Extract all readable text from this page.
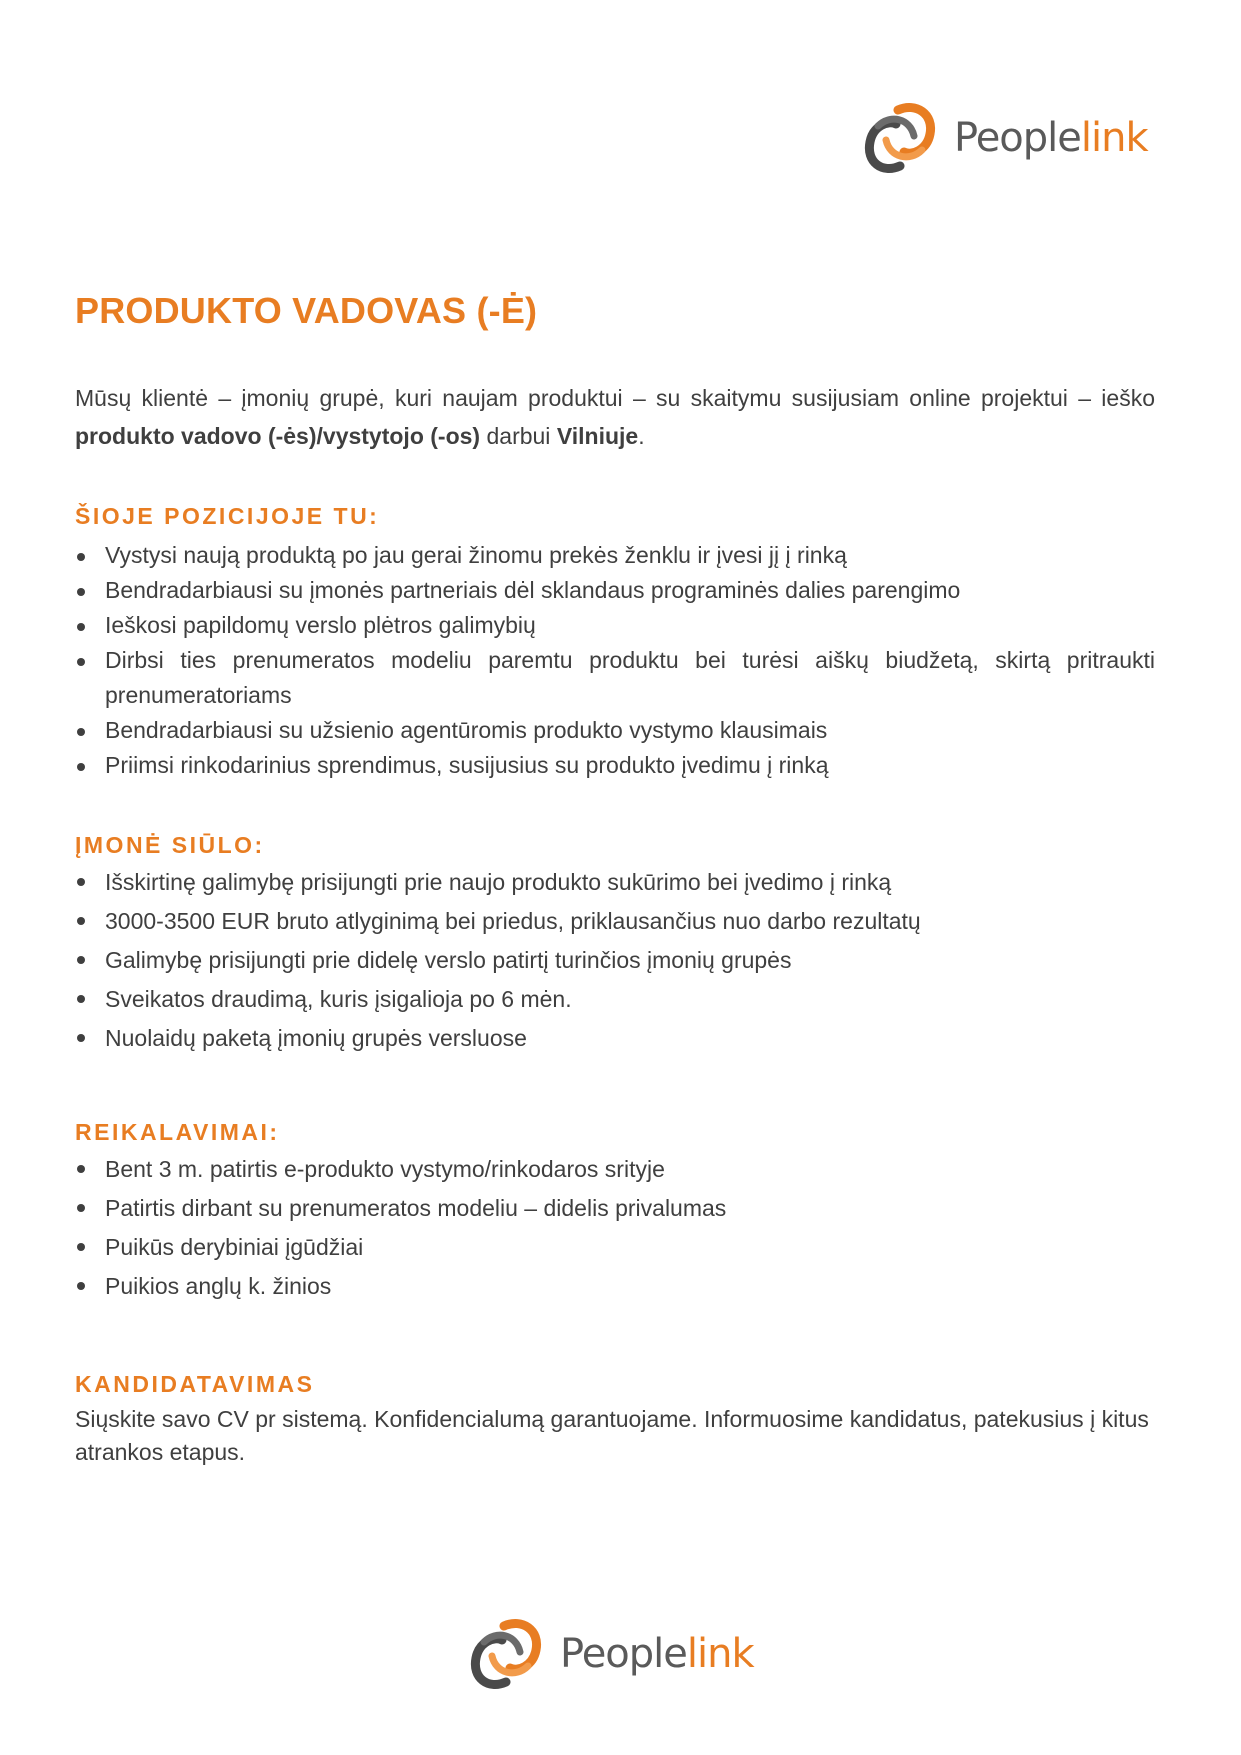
People link
PRODUKTO VADOVAS (-Ė)

Mūsų klientė – įmonių grupė, kuri naujam produktui – su skaitymu susijusiam online projektui – ieško produkto vadovo (-ės)/vystytojo (-os) darbui Vilniuje.

ŠIOJE POZICIJOJE TU:
Vystysi naują produktą po jau gerai žinomu prekės ženklu ir įvesi jį į rinką
Bendradarbiausi su įmonės partneriais dėl sklandaus programinės dalies parengimo
Ieškosi papildomų verslo plėtros galimybių
Dirbsi ties prenumeratos modeliu paremtu produktu bei turėsi aiškų biudžetą, skirtą pritraukti prenumeratoriams
Bendradarbiausi su užsienio agentūromis produkto vystymo klausimais
Priimsi rinkodarinius sprendimus, susijusius su produkto įvedimu į rinką
ĮMONĖ SIŪLO:
Išskirtinę galimybę prisijungti prie naujo produkto sukūrimo bei įvedimo į rinką
3000-3500 EUR bruto atlyginimą bei priedus, priklausančius nuo darbo rezultatų
Galimybę prisijungti prie didelę verslo patirtį turinčios įmonių grupės
Sveikatos draudimą, kuris įsigalioja po 6 mėn.
Nuolaidų paketą įmonių grupės versluose
REIKALAVIMAI:
Bent 3 m. patirtis e-produkto vystymo/rinkodaros srityje
Patirtis dirbant su prenumeratos modeliu – didelis privalumas
Puikūs derybiniai įgūdžiai
Puikios anglų k. žinios
KANDIDATAVIMAS

Siųskite savo CV pr sistemą. Konfidencialumą garantuojame. Informuosime kandidatus, patekusius į kitus atrankos etapus.

People link
